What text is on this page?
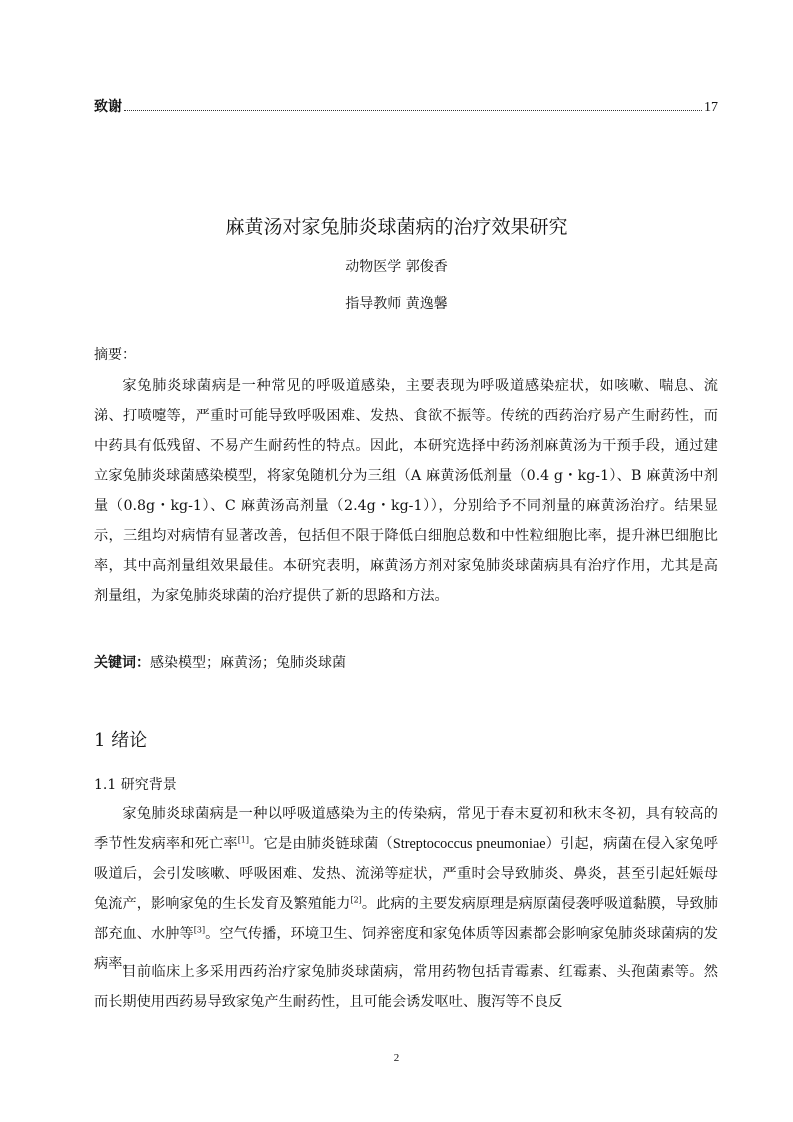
致谢	17
麻黄汤对家兔肺炎球菌病的治疗效果研究
动物医学 郭俊香
指导教师 黄逸馨
摘要：

家兔肺炎球菌病是一种常见的呼吸道感染，主要表现为呼吸道感染症状，如咳嗽、喘息、流涕、打喷嚏等，严重时可能导致呼吸困难、发热、食欲不振等。传统的西药治疗易产生耐药性，而中药具有低残留、不易产生耐药性的特点。因此，本研究选择中药汤剂麻黄汤为干预手段，通过建立家兔肺炎球菌感染模型，将家兔随机分为三组（A 麻黄汤低剂量（0.4 g・kg-1）、B 麻黄汤中剂量（0.8g・kg-1）、C 麻黄汤高剂量（2.4g・kg-1）），分别给予不同剂量的麻黄汤治疗。结果显示，三组均对病情有显著改善，包括但不限于降低白细胞总数和中性粒细胞比率，提升淋巴细胞比率，其中高剂量组效果最佳。本研究表明，麻黄汤方剂对家兔肺炎球菌病具有治疗作用，尤其是高剂量组，为家兔肺炎球菌的治疗提供了新的思路和方法。

关键词：感染模型；麻黄汤；兔肺炎球菌
1 绪论
1.1 研究背景

家兔肺炎球菌病是一种以呼吸道感染为主的传染病，常见于春末夏初和秋末冬初，具有较高的季节性发病率和死亡率[1]。它是由肺炎链球菌（Streptococcus pneumoniae）引起，病菌在侵入家兔呼吸道后，会引发咳嗽、呼吸困难、发热、流涕等症状，严重时会导致肺炎、鼻炎，甚至引起妊娠母兔流产，影响家兔的生长发育及繁殖能力[2]。此病的主要发病原理是病原菌侵袭呼吸道黏膜，导致肺部充血、水肿等[3]。空气传播，环境卫生、饲养密度和家兔体质等因素都会影响家兔肺炎球菌病的发病率。

目前临床上多采用西药治疗家兔肺炎球菌病，常用药物包括青霉素、红霉素、头孢菌素等。然而长期使用西药易导致家兔产生耐药性，且可能会诱发呕吐、腹泻等不良反

2
